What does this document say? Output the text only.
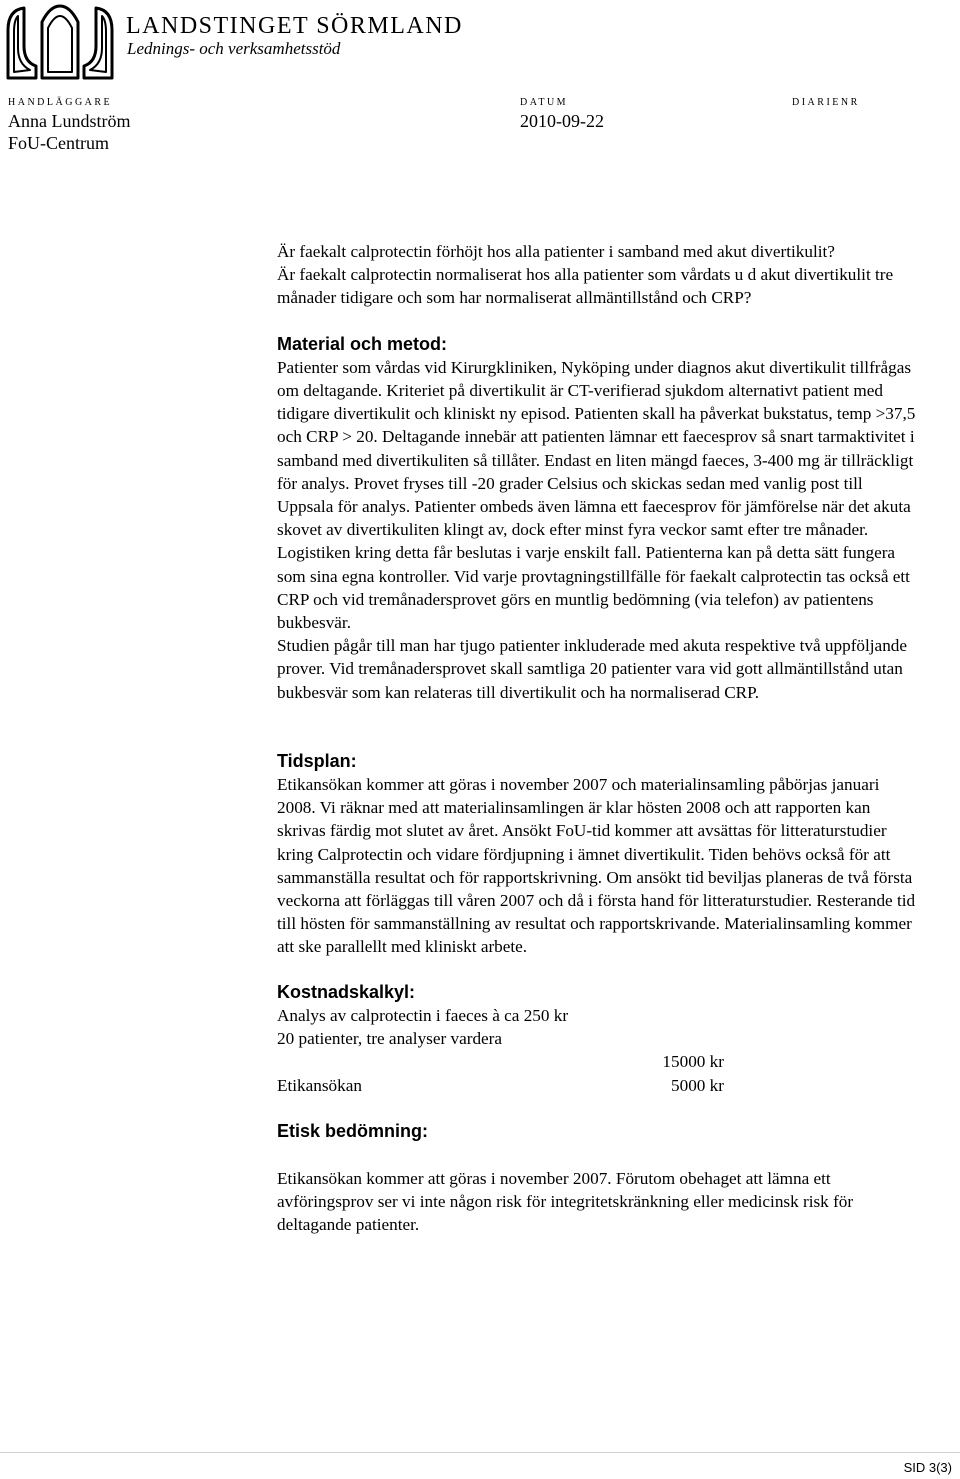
LANDSTINGET SÖRMLAND
Lednings- och verksamhetsstöd
HANDLÄGGARE
Anna Lundström
FoU-Centrum
DATUM
2010-09-22
DIARIENR

Är faekalt calprotectin förhöjt hos alla patienter i samband med akut divertikulit?

Är faekalt calprotectin normaliserat hos alla patienter som vårdats u d akut divertikulit tre månader tidigare och som har normaliserat allmäntillstånd och CRP?

Material och metod:

Patienter som vårdas vid Kirurgkliniken, Nyköping under diagnos akut divertikulit tillfrågas om deltagande. Kriteriet på divertikulit är CT-verifierad sjukdom alternativt patient med tidigare divertikulit och kliniskt ny episod. Patienten skall ha påverkat bukstatus, temp >37,5 och CRP > 20. Deltagande innebär att patienten lämnar ett faecesprov så snart tarmaktivitet i samband med divertikuliten så tillåter. Endast en liten mängd faeces, 3-400 mg är tillräckligt för analys. Provet fryses till -20 grader Celsius och skickas sedan med vanlig post till Uppsala för analys. Patienter ombeds även lämna ett faecesprov för jämförelse när det akuta skovet av divertikuliten klingt av, dock efter minst fyra veckor samt efter tre månader. Logistiken kring detta får beslutas i varje enskilt fall. Patienterna kan på detta sätt fungera som sina egna kontroller. Vid varje provtagningstillfälle för faekalt calprotectin tas också ett CRP och vid tremånadersprovet görs en muntlig bedömning (via telefon) av patientens bukbesvär.

Studien pågår till man har tjugo patienter inkluderade med akuta respektive två uppföljande prover. Vid tremånadersprovet skall samtliga 20 patienter vara vid gott allmäntillstånd utan bukbesvär som kan relateras till divertikulit och ha normaliserad CRP.

Tidsplan:

Etikansökan kommer att göras i november 2007 och materialinsamling påbörjas januari 2008. Vi räknar med att materialinsamlingen är klar hösten 2008 och att rapporten kan skrivas färdig mot slutet av året. Ansökt FoU-tid kommer att avsättas för litteraturstudier kring Calprotectin och vidare fördjupning i ämnet divertikulit. Tiden behövs också för att sammanställa resultat och för rapportskrivning. Om ansökt tid beviljas planeras de två första veckorna att förläggas till våren 2007 och då i första hand för litteraturstudier. Resterande tid till hösten för sammanställning av resultat och rapportskrivande. Materialinsamling kommer att ske parallellt med kliniskt arbete.

Kostnadskalkyl:

Analys av calprotectin i faeces à ca 250 kr

20 patienter, tre analyser vardera

15000 kr
Etikansökan	5000 kr
Etisk bedömning:

Etikansökan kommer att göras i november 2007. Förutom obehaget att lämna ett avföringsprov ser vi inte någon risk för integritetskränkning eller medicinsk risk för deltagande patienter.

SID 3(3)
